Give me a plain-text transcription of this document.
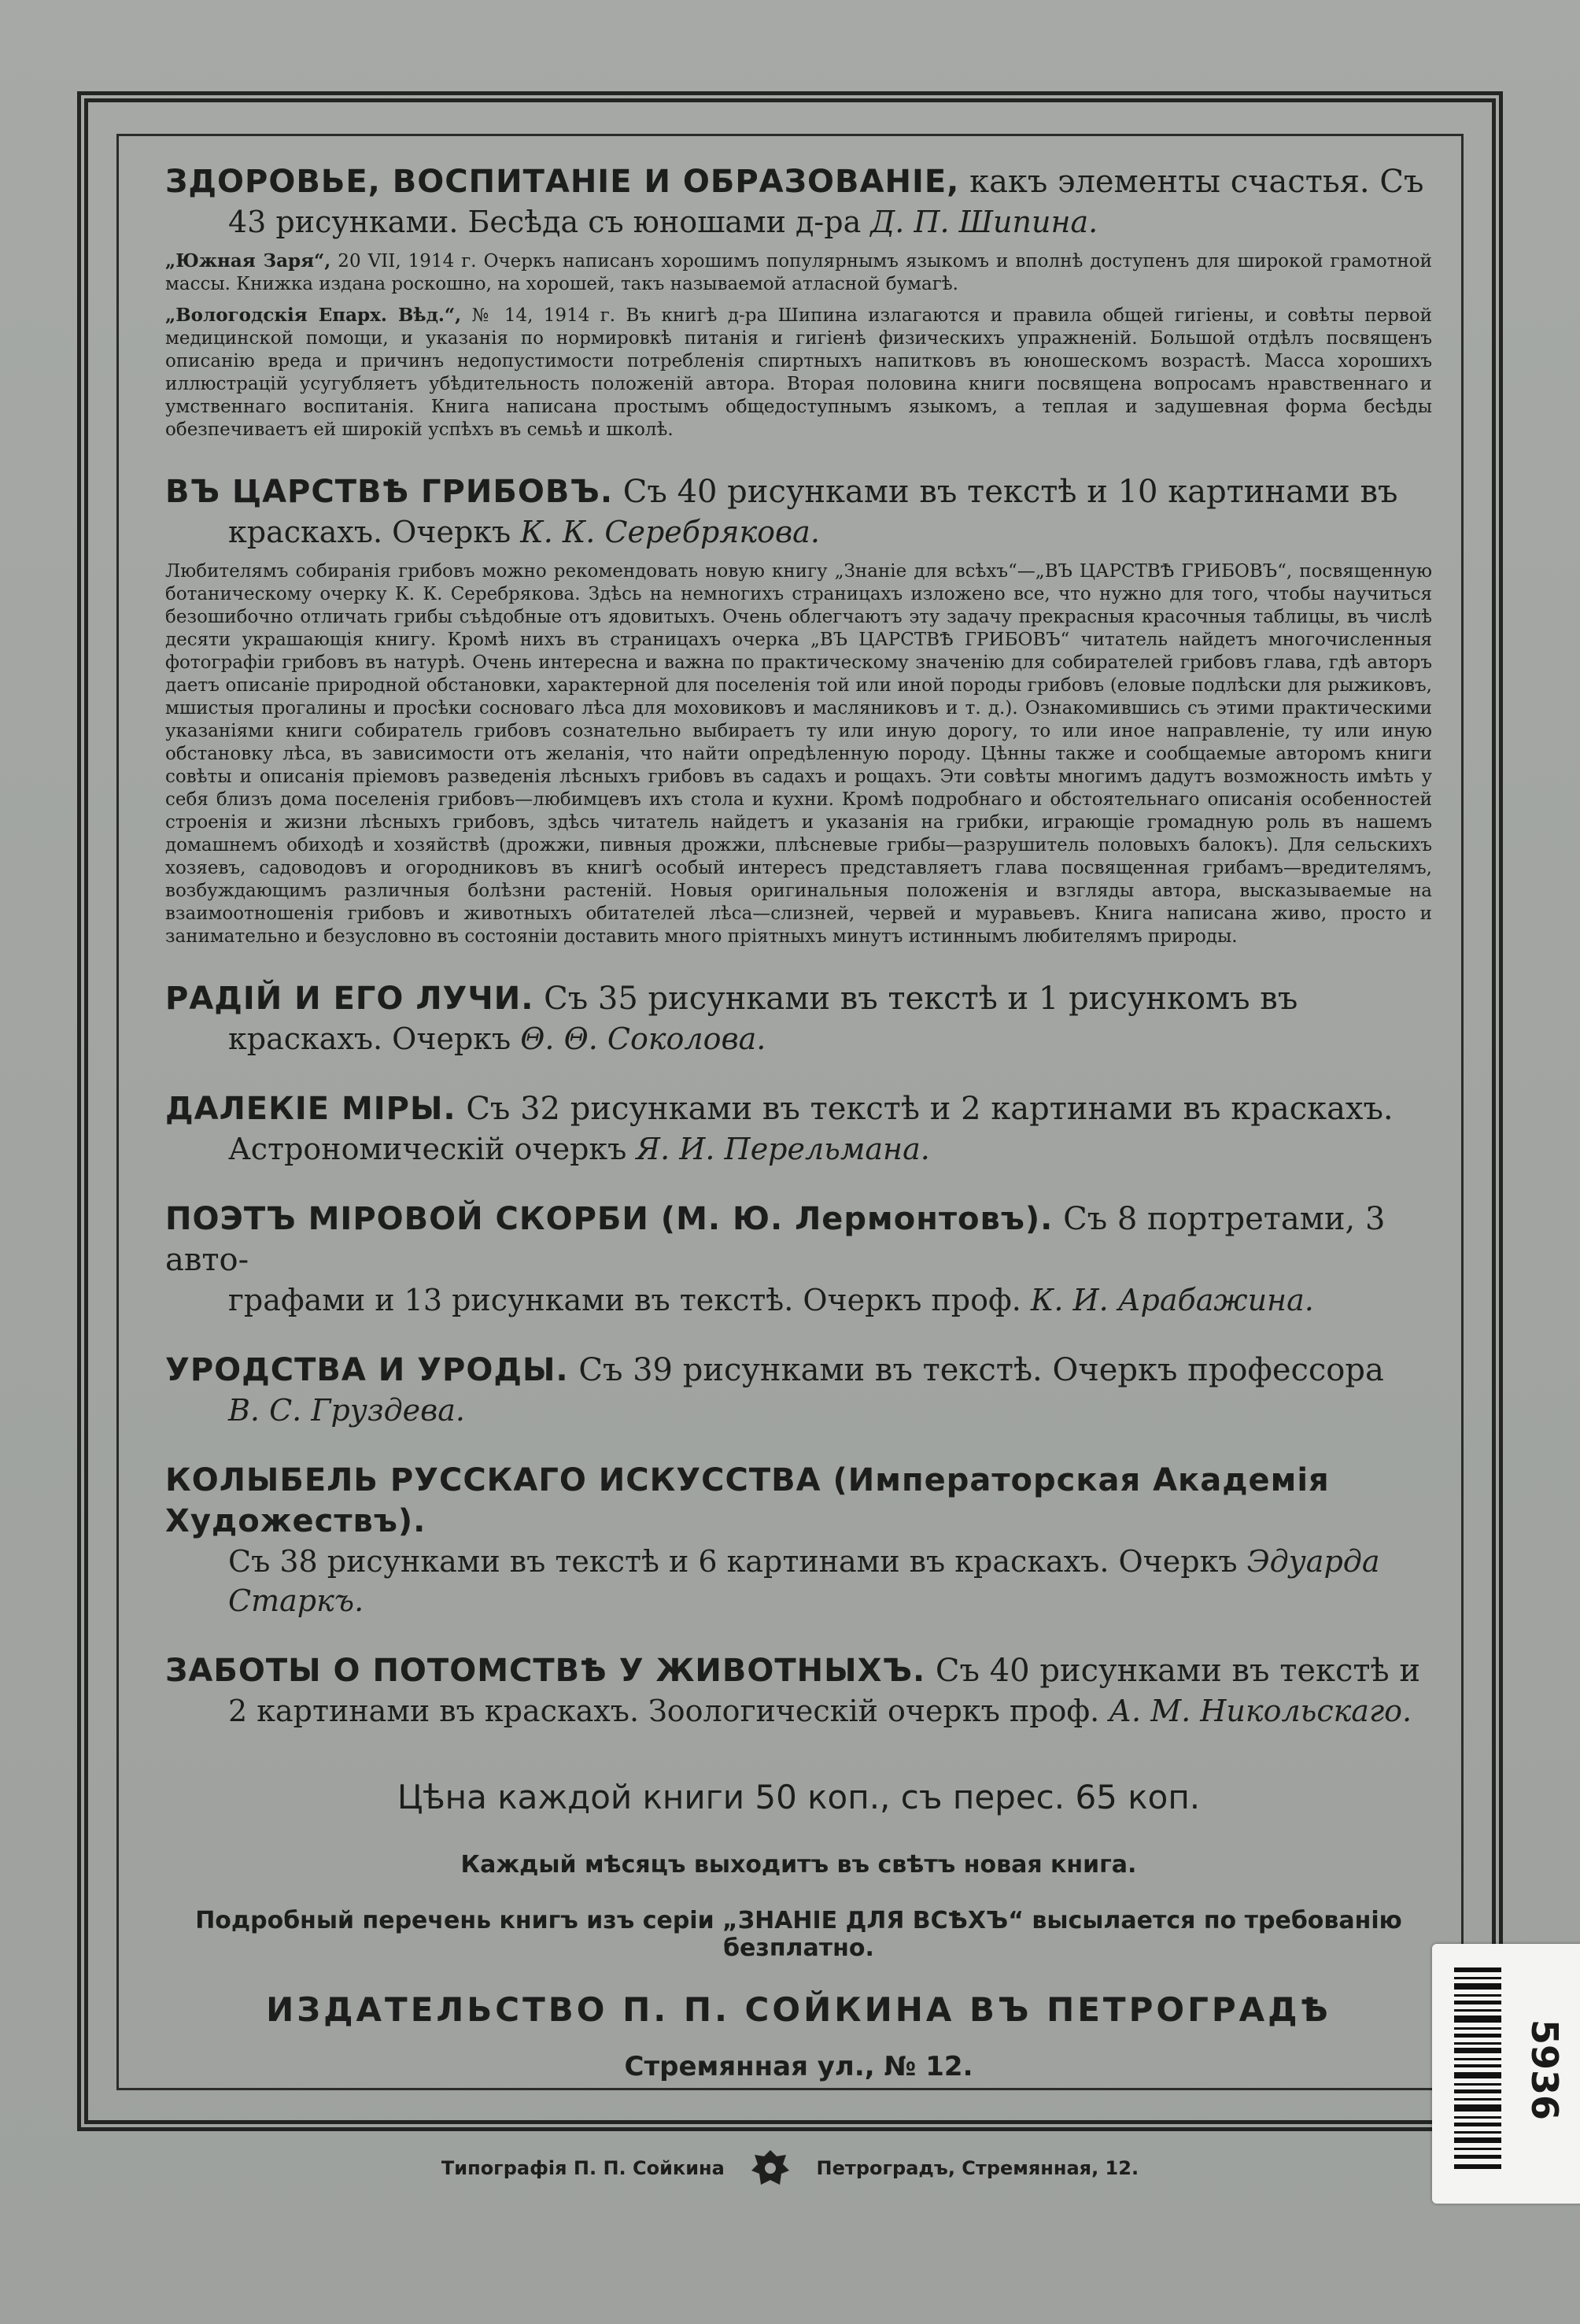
ЗДОРОВЬЕ, ВОСПИТАНІЕ И ОБРАЗОВАНІЕ, какъ элементы счастья. Съ
43 рисунками. Бесѣда съ юношами д-ра Д. П. Шипина.
„Южная Заря“, 20 VII, 1914 г. Очеркъ написанъ хорошимъ популярнымъ языкомъ и вполнѣ доступенъ для широкой грамотной массы. Книжка издана роскошно, на хорошей, такъ называемой атласной бумагѣ.
„Вологодскія Епарх. Вѣд.“, № 14, 1914 г. Въ книгѣ д-ра Шипина излагаются и правила общей гигіены, и совѣты первой медицинской помощи, и указанія по нормировкѣ питанія и гигіенѣ физическихъ упражненій. Большой отдѣлъ посвященъ описанію вреда и причинъ недопустимости потребленія спиртныхъ напитковъ въ юношескомъ возрастѣ. Масса хорошихъ иллюстрацій усугубляетъ убѣдительность положеній автора. Вторая половина книги посвящена вопросамъ нравственнаго и умственнаго воспитанія. Книга написана простымъ общедоступнымъ языкомъ, а теплая и задушевная форма бесѣды обезпечиваетъ ей широкій успѣхъ въ семьѣ и школѣ.
ВЪ ЦАРСТВѢ ГРИБОВЪ. Съ 40 рисунками въ текстѣ и 10 картинами въ
краскахъ. Очеркъ К. К. Серебрякова.
Любителямъ собиранія грибовъ можно рекомендовать новую книгу „Знаніе для всѣхъ“—„ВЪ ЦАРСТВѢ ГРИБОВЪ“, посвященную ботаническому очерку К. К. Серебрякова. Здѣсь на немногихъ страницахъ изложено все, что нужно для того, чтобы научиться безошибочно отличать грибы съѣдобные отъ ядовитыхъ. Очень облегчаютъ эту задачу прекрасныя красочныя таблицы, въ числѣ десяти украшающія книгу. Кромѣ нихъ въ страницахъ очерка „ВЪ ЦАРСТВѢ ГРИБОВЪ“ читатель найдетъ многочисленныя фотографіи грибовъ въ натурѣ. Очень интересна и важна по практическому значенію для собирателей грибовъ глава, гдѣ авторъ даетъ описаніе природной обстановки, характерной для поселенія той или иной породы грибовъ (еловые подлѣски для рыжиковъ, мшистыя прогалины и просѣки сосноваго лѣса для моховиковъ и масляниковъ и т. д.). Ознакомившись съ этими практическими указаніями книги собиратель грибовъ сознательно выбираетъ ту или иную дорогу, то или иное направленіе, ту или иную обстановку лѣса, въ зависимости отъ желанія, что найти опредѣленную породу. Цѣнны также и сообщаемые авторомъ книги совѣты и описанія пріемовъ разведенія лѣсныхъ грибовъ въ садахъ и рощахъ. Эти совѣты многимъ дадутъ возможность имѣть у себя близъ дома поселенія грибовъ—любимцевъ ихъ стола и кухни. Кромѣ подробнаго и обстоятельнаго описанія особенностей строенія и жизни лѣсныхъ грибовъ, здѣсь читатель найдетъ и указанія на грибки, играющіе громадную роль въ нашемъ домашнемъ обиходѣ и хозяйствѣ (дрожжи, пивныя дрожжи, плѣсневые грибы—разрушитель половыхъ балокъ). Для сельскихъ хозяевъ, садоводовъ и огородниковъ въ книгѣ особый интересъ представляетъ глава посвященная грибамъ—вредителямъ, возбуждающимъ различныя болѣзни растеній. Новыя оригинальныя положенія и взгляды автора, высказываемые на взаимоотношенія грибовъ и животныхъ обитателей лѣса—слизней, червей и муравьевъ. Книга написана живо, просто и занимательно и безусловно въ состояніи доставить много пріятныхъ минутъ истиннымъ любителямъ природы.
РАДІЙ И ЕГО ЛУЧИ. Съ 35 рисунками въ текстѣ и 1 рисункомъ въ
краскахъ. Очеркъ Θ. Θ. Соколова.
ДАЛЕКІЕ МІРЫ. Съ 32 рисунками въ текстѣ и 2 картинами въ краскахъ.
Астрономическій очеркъ Я. И. Перельмана.
ПОЭТЪ МІРОВОЙ СКОРБИ (М. Ю. Лермонтовъ). Съ 8 портретами, 3 авто-
графами и 13 рисунками въ текстѣ. Очеркъ проф. К. И. Арабажина.
УРОДСТВА И УРОДЫ. Съ 39 рисунками въ текстѣ. Очеркъ профессора
В. С. Груздева.
КОЛЫБЕЛЬ РУССКАГО ИСКУССТВА (Императорская Академія Художествъ).
Съ 38 рисунками въ текстѣ и 6 картинами въ краскахъ. Очеркъ Эдуарда Старкъ.
ЗАБОТЫ О ПОТОМСТВѢ У ЖИВОТНЫХЪ. Съ 40 рисунками въ текстѣ и
2 картинами въ краскахъ. Зоологическій очеркъ проф. А. М. Никольскаго.
Цѣна каждой книги 50 коп., съ перес. 65 коп.
Каждый мѣсяцъ выходитъ въ свѣтъ новая книга.
Подробный перечень книгъ изъ серіи „ЗНАНІЕ ДЛЯ ВСѢХЪ“ высылается по требованію безплатно.
ИЗДАТЕЛЬСТВО П. П. СОЙКИНА ВЪ ПЕТРОГРАДѢ
Стремянная ул., № 12.
Типографія П. П. Сойкина	Петроградъ, Стремянная, 12.
5936
